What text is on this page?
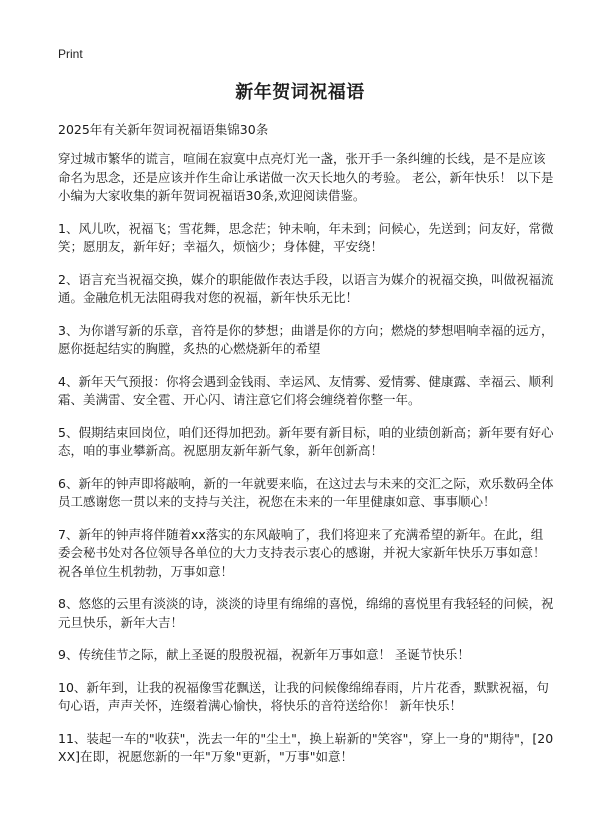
Print
新年贺词祝福语

2025年有关新年贺词祝福语集锦30条

穿过城市繁华的谎言，喧闹在寂寞中点亮灯光一盏，张开手一条纠缠的长线，是不是应该命名为思念，还是应该并作生命让承诺做一次天长地久的考验。 老公，新年快乐！ 以下是小编为大家收集的新年贺词祝福语30条,欢迎阅读借鉴。

1、风儿吹，祝福飞；雪花舞，思念茫；钟未响，年未到；问候心，先送到；问友好，常微笑；愿朋友，新年好；幸福久，烦恼少；身体健，平安绕！

2、语言充当祝福交换，媒介的职能做作表达手段，以语言为媒介的祝福交换，叫做祝福流通。金融危机无法阻碍我对您的祝福，新年快乐无比！

3、为你谱写新的乐章，音符是你的梦想；曲谱是你的方向；燃烧的梦想唱响幸福的远方，愿你挺起结实的胸膛，炙热的心燃烧新年的希望

4、新年天气预报：你将会遇到金钱雨、幸运风、友情雾、爱情雾、健康露、幸福云、顺利霜、美满雷、安全雹、开心闪、请注意它们将会缠绕着你整一年。

5、假期结束回岗位，咱们还得加把劲。新年要有新目标，咱的业绩创新高；新年要有好心态，咱的事业攀新高。祝愿朋友新年新气象，新年创新高！

6、新年的钟声即将敲响，新的一年就要来临，在这过去与未来的交汇之际，欢乐数码全体员工感谢您一贯以来的支持与关注，祝您在未来的一年里健康如意、事事顺心！

7、新年的钟声将伴随着xx落实的东风敲响了，我们将迎来了充满希望的新年。在此，组委会秘书处对各位领导各单位的大力支持表示衷心的感谢，并祝大家新年快乐万事如意！祝各单位生机勃勃，万事如意！

8、悠悠的云里有淡淡的诗，淡淡的诗里有绵绵的喜悦，绵绵的喜悦里有我轻轻的问候，祝元旦快乐，新年大吉！

9、传统佳节之际，献上圣诞的殷殷祝福，祝新年万事如意！ 圣诞节快乐！

10、新年到，让我的祝福像雪花飘送，让我的问候像绵绵春雨，片片花香，默默祝福，句句心语，声声关怀，连缀着满心愉快，将快乐的音符送给你！ 新年快乐！

11、装起一车的"收获"，洗去一年的"尘土"，换上崭新的"笑容"，穿上一身的"期待"，[20XX]在即，祝愿您新的一年"万象"更新，"万事"如意！
